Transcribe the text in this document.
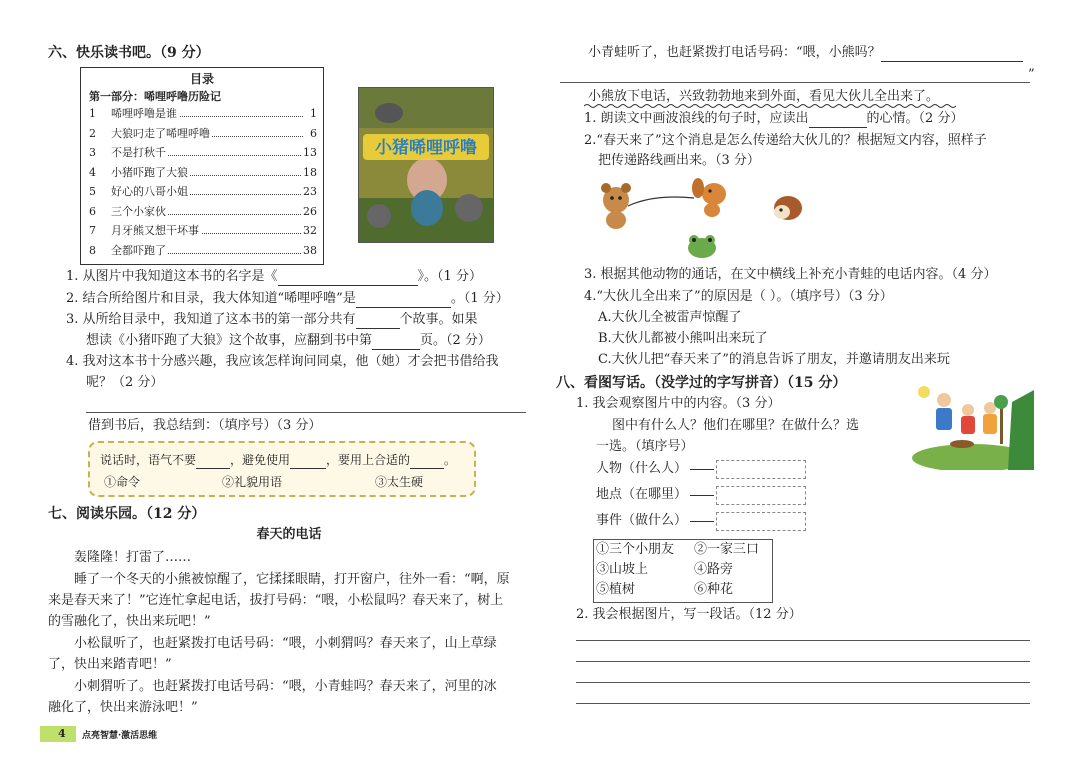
六、快乐读书吧。（9 分）
目录
第一部分：唏哩呼噜历险记
1	唏哩呼噜是谁	1
2	大狼叼走了唏哩呼噜	6
3	不是打秋千	13
4	小猪吓跑了大狼	18
5	好心的八哥小姐	23
6	三个小家伙	26
7	月牙熊又想干坏事	32
8	全都吓跑了	38
小猪唏哩呼噜
1. 从图片中我知道这本书的名字是《	》。（1 分）
2. 结合所给图片和目录，我大体知道“唏哩呼噜”是	。（1 分）
3. 从所给目录中，我知道了这本书的第一部分共有	个故事。如果
想读《小猪吓跑了大狼》这个故事，应翻到书中第	页。（2 分）
4. 我对这本书十分感兴趣，我应该怎样询问同桌，他（她）才会把书借给我
呢？（2 分）
借到书后，我总结到：（填序号）（3 分）
说话时，语气不要	，避免使用	，要用上合适的	。
①命令	②礼貌用语	③太生硬
七、阅读乐园。（12 分）
春天的电话
轰隆隆！打雷了……
睡了一个冬天的小熊被惊醒了，它揉揉眼睛，打开窗户，往外一看：“啊，原
来是春天来了！”它连忙拿起电话，拔打号码：“喂，小松鼠吗？春天来了，树上
的雪融化了，快出来玩吧！”
小松鼠听了，也赶紧拨打电话号码：“喂，小刺猬吗？春天来了，山上草绿
了，快出来踏青吧！”
小刺猬听了。也赶紧拨打电话号码：“喂，小青蛙吗？春天来了，河里的冰
融化了，快出来游泳吧！”
4 点亮智慧·激活思维
小青蛙听了，也赶紧拨打电话号码：“喂，小熊吗？
”
小熊放下电话，兴致勃勃地来到外面，看见大伙儿全出来了。
1. 朗读文中画波浪线的句子时，应读出	的心情。（2 分）
2.“春天来了”这个消息是怎么传递给大伙儿的？根据短文内容，照样子
把传递路线画出来。（3 分）
3. 根据其他动物的通话，在文中横线上补充小青蛙的电话内容。（4 分）
4.“大伙儿全出来了”的原因是（ ）。（填序号）（3 分）
A.大伙儿全被雷声惊醒了
B.大伙儿都被小熊叫出来玩了
C.大伙儿把“春天来了”的消息告诉了朋友，并邀请朋友出来玩
八、看图写话。（没学过的字写拼音）（15 分）
1. 我会观察图片中的内容。（3 分）
图中有什么人？他们在哪里？在做什么？选
一选。（填序号）
人物（什么人）
地点（在哪里）
事件（做什么）
①三个小朋友 ②一家三口
③山坡上	④路旁
⑤植树	⑥种花
2. 我会根据图片，写一段话。（12 分）
